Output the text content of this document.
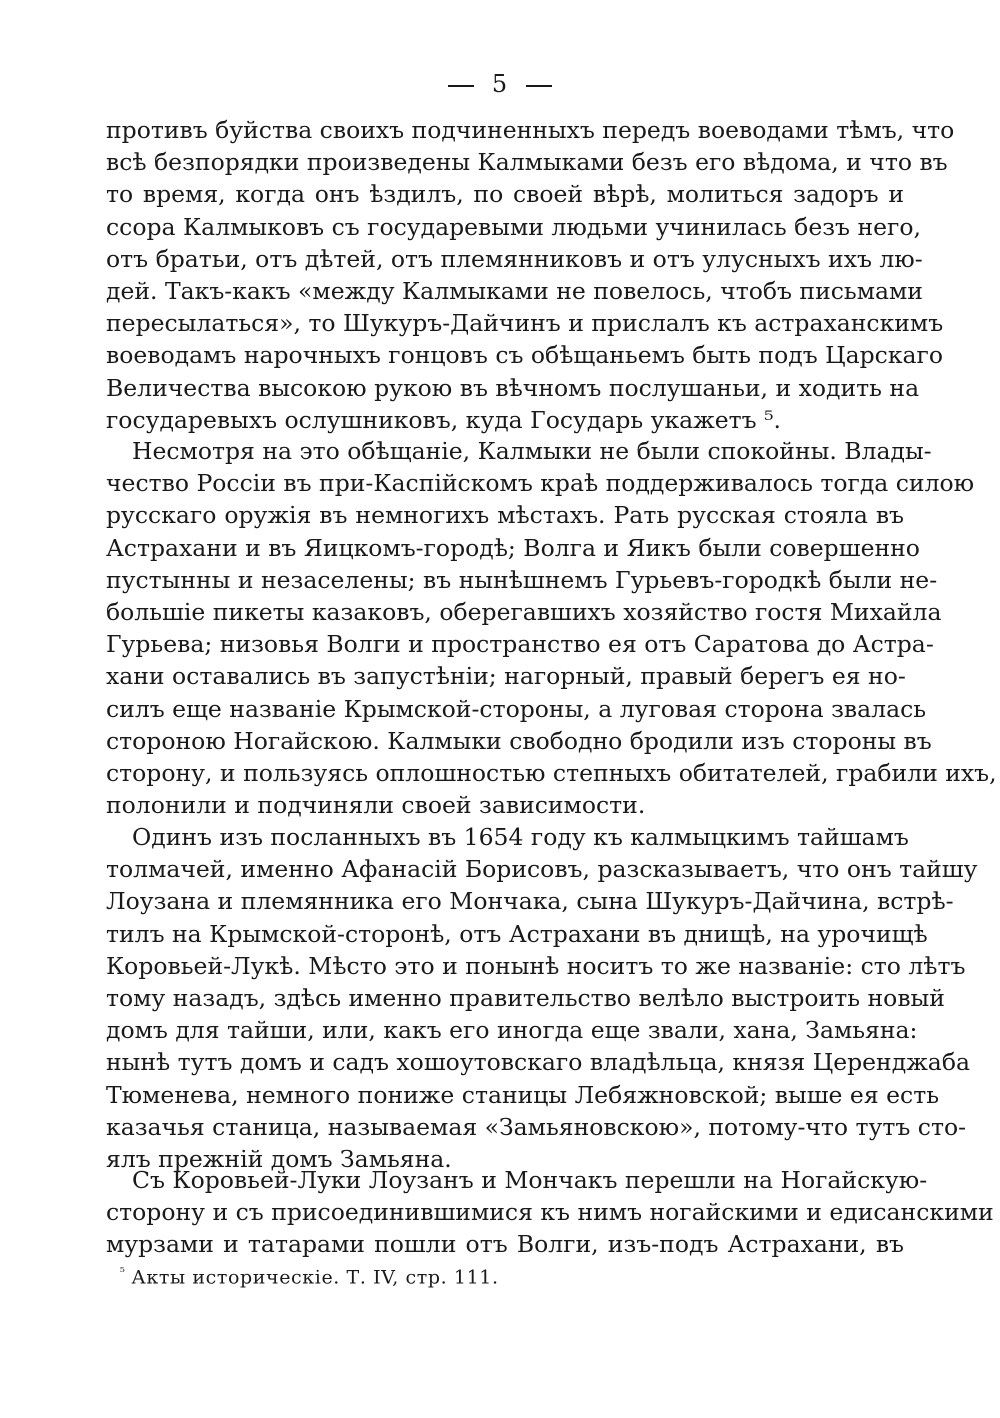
5
противъ буйства своихъ подчиненныхъ передъ воеводами тѣмъ, что
всѣ безпорядки произведены Калмыками безъ его вѣдома, и что въ
то время, когда онъ ѣздилъ, по своей вѣрѣ, молиться задоръ и
ссора Калмыковъ съ государевыми людьми учинилась безъ него,
отъ братьи, отъ дѣтей, отъ племянниковъ и отъ улусныхъ ихъ лю-
дей. Такъ-какъ «между Калмыками не повелось, чтобъ письмами
пересылаться», то Шукуръ-Дайчинъ и прислалъ къ астраханскимъ
воеводамъ нарочныхъ гонцовъ съ обѣщаньемъ быть подъ Царскаго
Величества высокою рукою въ вѣчномъ послушаньи, и ходить на
государевыхъ ослушниковъ, куда Государь укажетъ ⁵.
Несмотря на это обѣщаніе, Калмыки не были спокойны. Влады-
чество Россіи въ при-Каспійскомъ краѣ поддерживалось тогда силою
русскаго оружія въ немногихъ мѣстахъ. Рать русская стояла въ
Астрахани и въ Яицкомъ-городѣ; Волга и Яикъ были совершенно
пустынны и незаселены; въ нынѣшнемъ Гурьевъ-городкѣ были не-
большіе пикеты казаковъ, оберегавшихъ хозяйство гостя Михайла
Гурьева; низовья Волги и пространство ея отъ Саратова до Астра-
хани оставались въ запустѣніи; нагорный, правый берегъ ея но-
силъ еще названіе Крымской-стороны, а луговая сторона звалась
стороною Ногайскою. Калмыки свободно бродили изъ стороны въ
сторону, и пользуясь оплошностью степныхъ обитателей, грабили ихъ,
полонили и подчиняли своей зависимости.
Одинъ изъ посланныхъ въ 1654 году къ калмыцкимъ тайшамъ
толмачей, именно Афанасій Борисовъ, разсказываетъ, что онъ тайшу
Лоузана и племянника его Мончака, сына Шукуръ-Дайчина, встрѣ-
тилъ на Крымской-сторонѣ, отъ Астрахани въ днищѣ, на урочищѣ
Коровьей-Лукѣ. Мѣсто это и понынѣ носитъ то же названіе: сто лѣтъ
тому назадъ, здѣсь именно правительство велѣло выстроить новый
домъ для тайши, или, какъ его иногда еще звали, хана, Замьяна:
нынѣ тутъ домъ и садъ хошоутовскаго владѣльца, князя Церенджаба
Тюменева, немного пониже станицы Лебяжновской; выше ея есть
казачья станица, называемая «Замьяновскою», потому-что тутъ сто-
ялъ прежній домъ Замьяна.
Съ Коровьей-Луки Лоузанъ и Мончакъ перешли на Ногайскую-
сторону и съ присоединившимися къ нимъ ногайскими и едисанскими
мурзами и татарами пошли отъ Волги, изъ-подъ Астрахани, въ
$^{^5}$ Акты историческіе. Т. IV, стр. 111.
